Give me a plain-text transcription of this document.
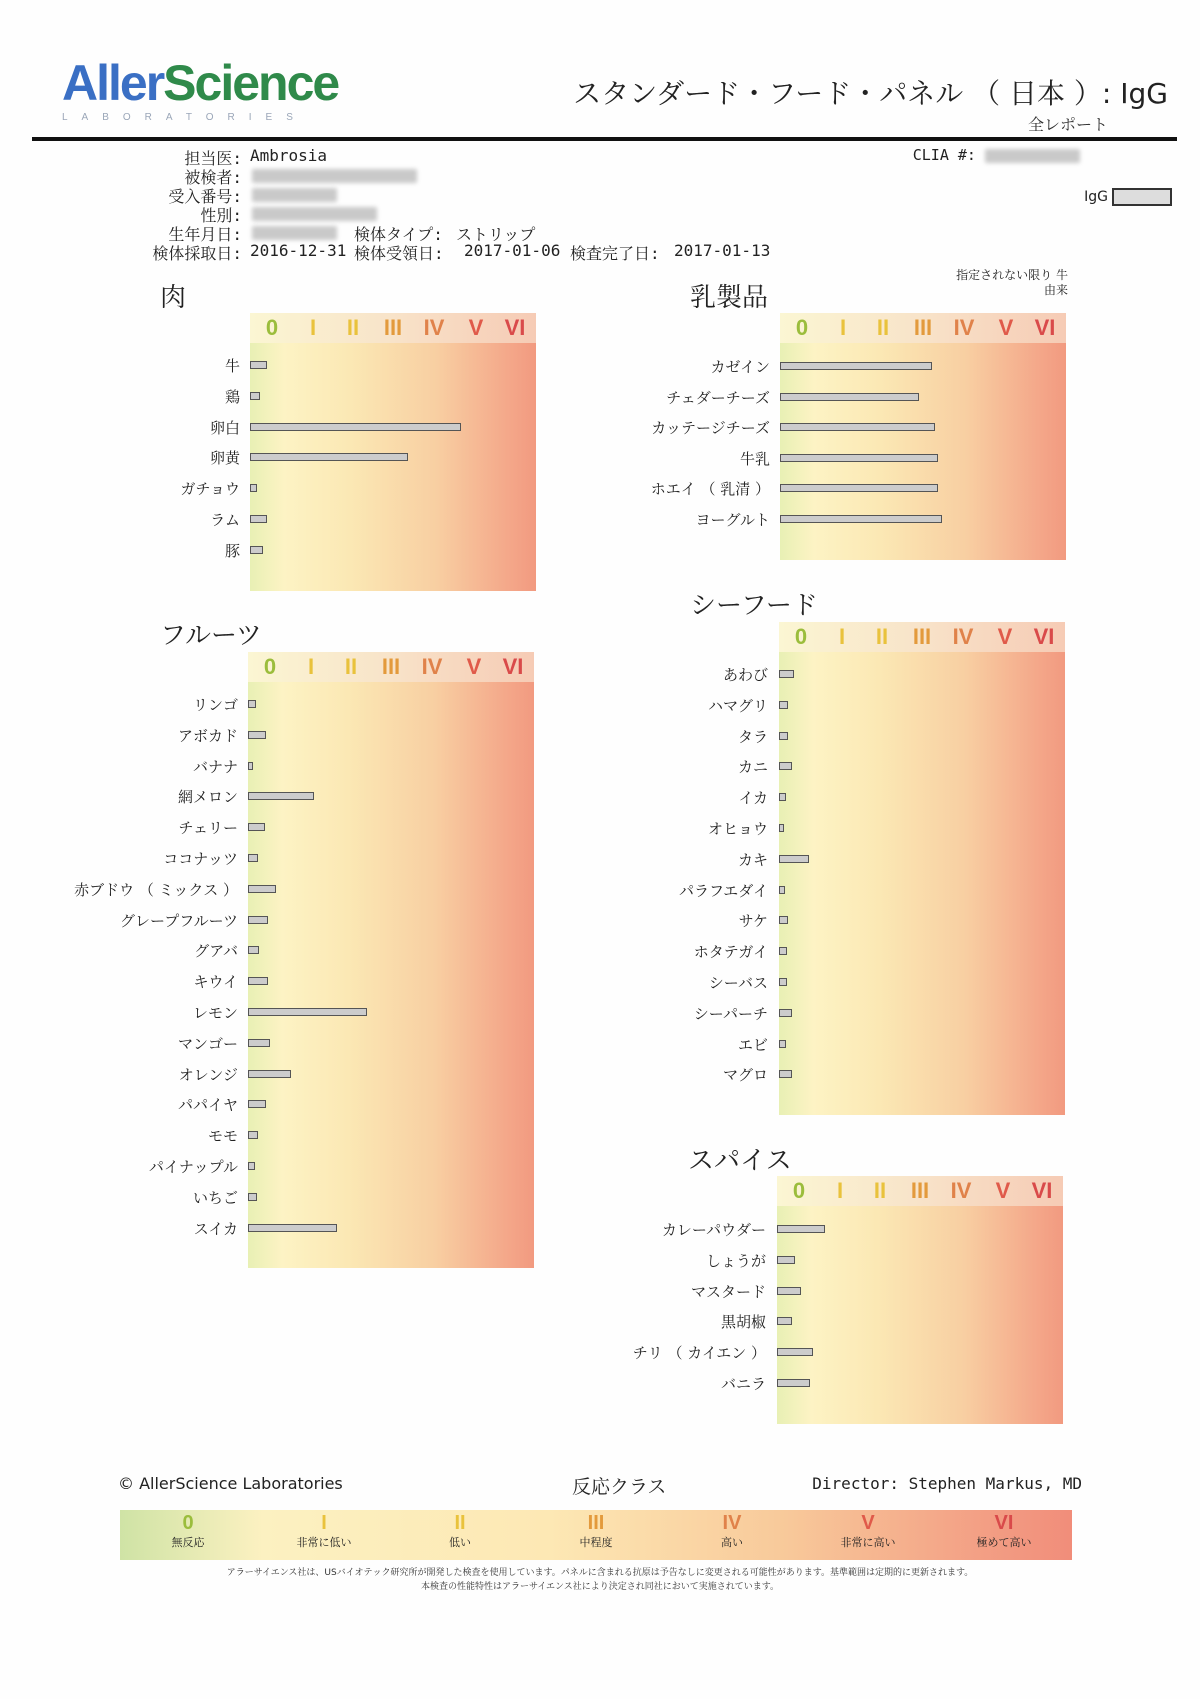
AllerScience
LABORATORIES
スタンダード・フード・パネル （ 日本 ）: IgG
全レポート
担当医: Ambrosia
被検者:
受入番号:
性別:
生年月日:	検体タイプ: ストリップ
検体採取日: 2016-12-31 検体受領日: 2017-01-06 検査完了日: 2017-01-13
CLIA #:
IgG
指定されない限り 牛由来
肉
0	I	II	III IV	V VI
牛
鶏
卵白
卵黄
ガチョウ
ラム
豚
乳製品
0	I	II	III IV	V VI
カゼイン
チェダーチーズ
カッテージチーズ
牛乳
ホエイ （ 乳清 ）
ヨーグルト
フルーツ
0	I	II	III IV	V VI
リンゴ
アボカド
バナナ
網メロン
チェリー
ココナッツ
赤ブドウ （ ミックス ）
グレープフルーツ
グアバ
キウイ
レモン
マンゴー
オレンジ
パパイヤ
モモ
パイナップル
いちご
スイカ
シーフード
0	I	II	III IV	V VI
あわび
ハマグリ
タラ
カニ
イカ
オヒョウ
カキ
パラフエダイ
サケ
ホタテガイ
シーバス
シーパーチ
エビ
マグロ
スパイス
0	I	II	III IV	V VI
カレーパウダー
しょうが
マスタード
黒胡椒
チリ （ カイエン ）
バニラ
© AllerScience Laboratories	反応クラス	Director: Stephen Markus, MD
0
無反応
I
非常に低い
II
低い
III
中程度
IV
高い
V
非常に高い
VI
極めて高い
アラーサイエンス社は、USバイオテック研究所が開発した検査を使用しています。パネルに含まれる抗原は予告なしに変更される可能性があります。基準範囲は定期的に更新されます。
本検査の性能特性はアラーサイエンス社により決定され同社において実施されています。
